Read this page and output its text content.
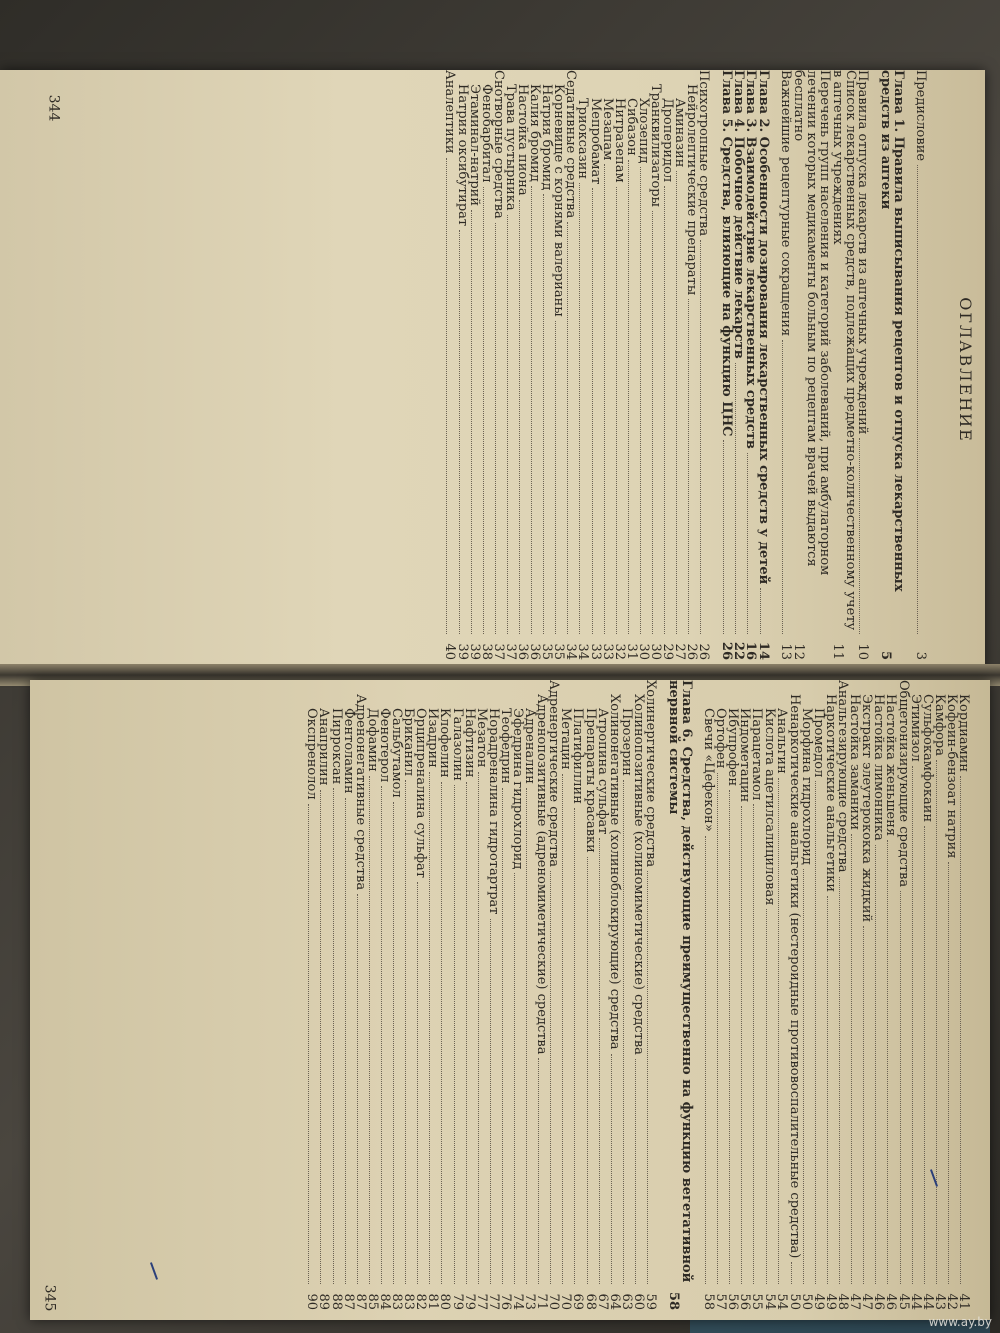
ОГЛАВЛЕНИЕ
Предисловие
3
Глава 1. Правила выписывания рецептов и отпуска лекарственных средств из аптеки
5
Правила отпуска лекарств из аптечных учреждений
10
Список лекарственных средств, подлежащих предметно-количественному учету в аптечных учреждениях
11
Перечень групп населения и категорий заболеваний, при амбулаторном лечении которых медикаменты больным по рецептам врачей выдаются бесплатно
12
Важнейшие рецептурные сокращения
13
Глава 2. Особенности дозирования лекарственных средств у детей
14
Глава 3. Взаимодействие лекарственных средств
16
Глава 4. Побочное действие лекарств
22
Глава 5. Средства, влияющие на функцию ЦНС
26
Психотропные средства
26
Нейролептические препараты
26
Аминазин
27
Дроперидол
29
Транквилизаторы
30
Хлозепид
30
Сибазон
31
Нитразепам
32
Мезапам
33
Мепробамат
33
Триоксазин
34
Седативные средства
34
Корневище с корнями валерианы
35
Натрия бромид
35
Калия бромид
36
Настойка пиона
36
Трава пустырника
37
Снотворные средства
37
Фенобарбитал
38
Этаминал-натрий
39
Натрия оксибутират
39
Аналептики
40
344
Кордиамин
41
Кофеин-бензоат натрия
42
Камфора
43
Сульфокамфокаин
44
Этимизол
44
Общетонизирующие средства
45
Настойка женьшеня
46
Настойка лимонника
46
Экстракт элеутерококка жидкий
47
Настойка заманихи
47
Анальгезирующие средства
48
Наркотические анальгетики
49
Промедол
49
Морфина гидрохлорид
50
Ненаркотические анальгетики (нестероидные противовоспалительные средства)
50
Анальгин
54
Кислота ацетилсалициловая
54
Парацетамол
55
Индометацин
56
Ибупрофен
56
Ортофен
57
Свечи «Цефекон»
58
Глава 6. Средства, действующие преимущественно на функцию вегетативной нервной системы
58
Холинергические средства
59
Холинопозитивные (холиномиметические) средства
60
Прозерин
63
Холинонегативные (холиноблокирующие) средства
64
Атропина сульфат
67
Препараты красавки
68
Платифиллин
69
Метацин
70
Адренергические средства
70
Адренопозитивные (адреномиметические) средства
71
Адреналин
73
Эфедрина гидрохлорид
74
Теофедрин
76
Норадреналина гидротартрат
77
Мезатон
77
Нафтизин
79
Галазолин
79
Клофелин
80
Изадрин
81
Орципреналина сульфат
82
Бриканил
83
Сальбутамол
83
Фенотерол
84
Дофамин
85
Адренонегативные средства
87
Фентоламин
87
Пирроксан
88
Анаприлин
89
Окспренолол
90
345
www.ay.by
